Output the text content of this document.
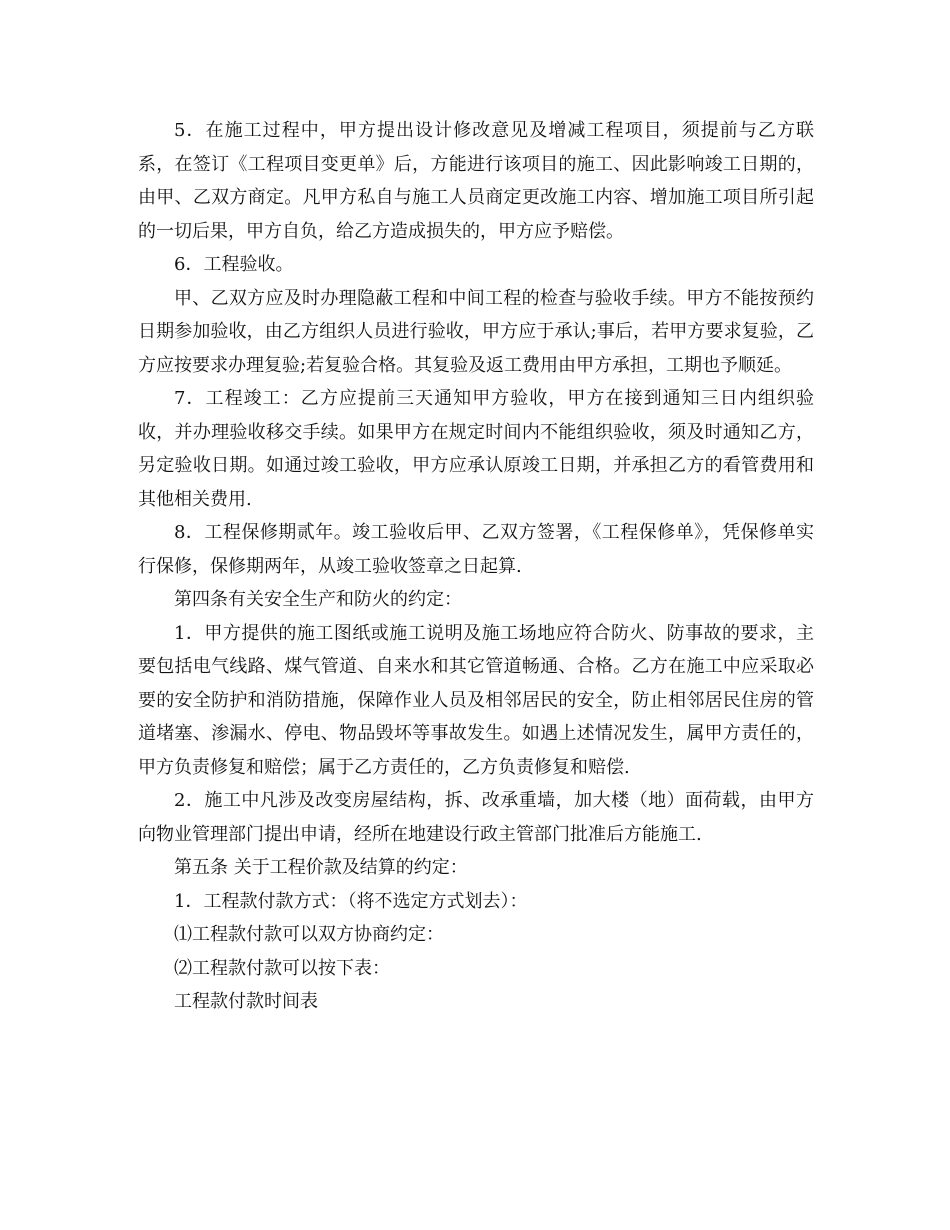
5．在施工过程中，甲方提出设计修改意见及增减工程项目，须提前与乙方联系，在签订《工程项目变更单》后，方能进行该项目的施工、因此影响竣工日期的，由甲、乙双方商定。凡甲方私自与施工人员商定更改施工内容、增加施工项目所引起的一切后果，甲方自负，给乙方造成损失的，甲方应予赔偿。

6．工程验收。

甲、乙双方应及时办理隐蔽工程和中间工程的检查与验收手续。甲方不能按预约日期参加验收，由乙方组织人员进行验收，甲方应于承认;事后，若甲方要求复验，乙方应按要求办理复验;若复验合格。其复验及返工费用由甲方承担，工期也予顺延。

7．工程竣工：乙方应提前三天通知甲方验收，甲方在接到通知三日内组织验收，并办理验收移交手续。如果甲方在规定时间内不能组织验收，须及时通知乙方，另定验收日期。如通过竣工验收，甲方应承认原竣工日期，并承担乙方的看管费用和其他相关费用.

8．工程保修期贰年。竣工验收后甲、乙双方签署，《工程保修单》，凭保修单实行保修，保修期两年，从竣工验收签章之日起算.

第四条有关安全生产和防火的约定：

1．甲方提供的施工图纸或施工说明及施工场地应符合防火、防事故的要求，主要包括电气线路、煤气管道、自来水和其它管道畅通、合格。乙方在施工中应采取必要的安全防护和消防措施，保障作业人员及相邻居民的安全，防止相邻居民住房的管道堵塞、渗漏水、停电、物品毁坏等事故发生。如遇上述情况发生，属甲方责任的，甲方负责修复和赔偿；属于乙方责任的，乙方负责修复和赔偿.

2．施工中凡涉及改变房屋结构，拆、改承重墙，加大楼（地）面荷载，由甲方向物业管理部门提出申请，经所在地建设行政主管部门批准后方能施工.

第五条 关于工程价款及结算的约定：

1．工程款付款方式：（将不选定方式划去）：

⑴工程款付款可以双方协商约定：

⑵工程款付款可以按下表：

工程款付款时间表
